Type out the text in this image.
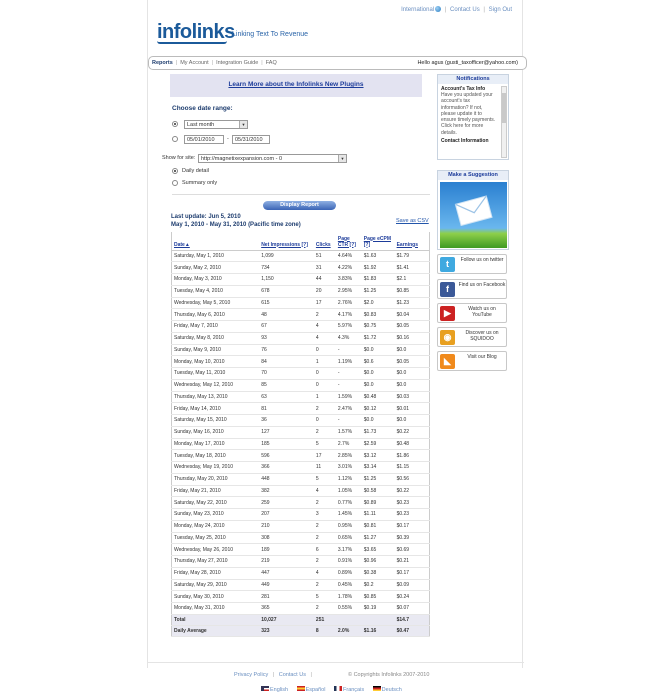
International | Contact Us | Sign Out
infolinks
Linking Text To Revenue
Reports | My Account | Integration Guide | FAQ	Hello agus (gusti_taxofficer@yahoo.com)
Learn More about the Infolinks New Plugins
Choose date range:
Last month	▼
05/01/2010	-	05/31/2010
Show for site:	http://magnetixexpansion.com - 0	▼
Daily detail
Summary only
Display Report
Last update: Jun 5, 2010
May 1, 2010 - May 31, 2010 (Pacific time zone)
Save as CSV
Date▲	Net Impressions [?]	Clicks	Page CTR [?]	Page eCPM [?]	Earnings
Saturday, May 1, 2010	1,099	51	4.64%	$1.63	$1.79
Sunday, May 2, 2010	734	31	4.22%	$1.92	$1.41
Monday, May 3, 2010	1,150	44	3.83%	$1.83	$2.1
Tuesday, May 4, 2010	678	20	2.95%	$1.25	$0.85
Wednesday, May 5, 2010	615	17	2.76%	$2.0	$1.23
Thursday, May 6, 2010	48	2	4.17%	$0.83	$0.04
Friday, May 7, 2010	67	4	5.97%	$0.75	$0.05
Saturday, May 8, 2010	93	4	4.3%	$1.72	$0.16
Sunday, May 9, 2010	76	0	-	$0.0	$0.0
Monday, May 10, 2010	84	1	1.19%	$0.6	$0.05
Tuesday, May 11, 2010	70	0	-	$0.0	$0.0
Wednesday, May 12, 2010	85	0	-	$0.0	$0.0
Thursday, May 13, 2010	63	1	1.59%	$0.48	$0.03
Friday, May 14, 2010	81	2	2.47%	$0.12	$0.01
Saturday, May 15, 2010	36	0	-	$0.0	$0.0
Sunday, May 16, 2010	127	2	1.57%	$1.73	$0.22
Monday, May 17, 2010	185	5	2.7%	$2.59	$0.48
Tuesday, May 18, 2010	596	17	2.85%	$3.12	$1.86
Wednesday, May 19, 2010	366	11	3.01%	$3.14	$1.15
Thursday, May 20, 2010	448	5	1.12%	$1.25	$0.56
Friday, May 21, 2010	382	4	1.05%	$0.58	$0.22
Saturday, May 22, 2010	259	2	0.77%	$0.89	$0.23
Sunday, May 23, 2010	207	3	1.45%	$1.11	$0.23
Monday, May 24, 2010	210	2	0.95%	$0.81	$0.17
Tuesday, May 25, 2010	308	2	0.65%	$1.27	$0.39
Wednesday, May 26, 2010	189	6	3.17%	$3.65	$0.69
Thursday, May 27, 2010	219	2	0.91%	$0.96	$0.21
Friday, May 28, 2010	447	4	0.89%	$0.38	$0.17
Saturday, May 29, 2010	449	2	0.45%	$0.2	$0.09
Sunday, May 30, 2010	281	5	1.78%	$0.85	$0.24
Monday, May 31, 2010	365	2	0.55%	$0.19	$0.07
Total	10,027	251			$14.7
Daily Average	323	8	2.0%	$1.16	$0.47
Notifications
Account's Tax Info
Have you updated your account's tax information? If not, please update it to ensure timely payments. Click here for more details.
Contact Information
Make a Suggestion
t	Follow us on twitter
f	Find us on Facebook
▶	Watch us on YouTube
◉	Discover us on SQUIDOO
◣	Visit our Blog
Privacy Policy | Contact Us |	© Copyrights Infolinks 2007-2010
English	Español	Français	Deutsch
